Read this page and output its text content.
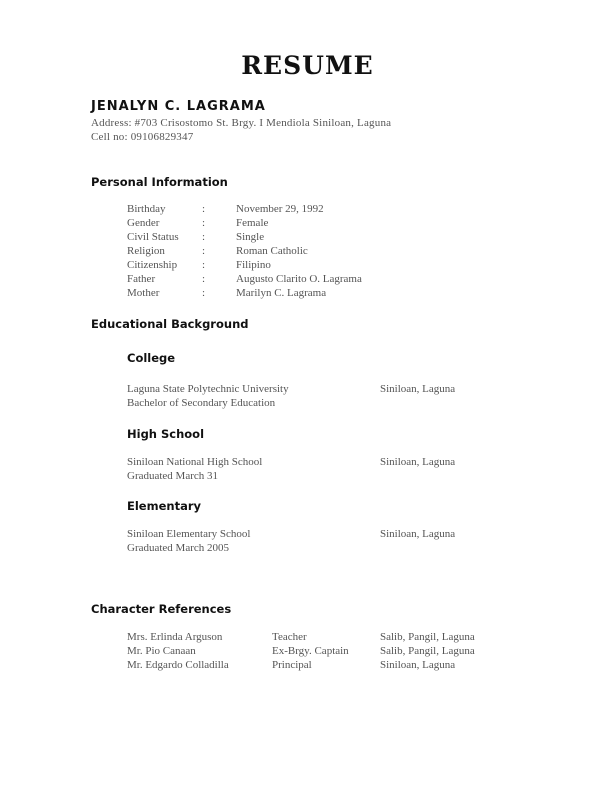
RESUME
JENALYN C. LAGRAMA
Address: #703 Crisostomo St. Brgy. I Mendiola Siniloan, Laguna
Cell no: 09106829347
Personal Information
Birthday	:	November 29, 1992
Gender	:	Female
Civil Status :	Single
Religion	:	Roman Catholic
Citizenship :	Filipino
Father	:	Augusto Clarito O. Lagrama
Mother	:	Marilyn C. Lagrama
Educational Background
College
Laguna State Polytechnic University	Siniloan, Laguna
Bachelor of Secondary Education
High School
Siniloan National High School	Siniloan, Laguna
Graduated March 31
Elementary
Siniloan Elementary School	Siniloan, Laguna
Graduated March 2005
Character References
Mrs. Erlinda Arguson	Teacher	Salib, Pangil, Laguna
Mr. Pio Canaan	Ex-Brgy. Captain	Salib, Pangil, Laguna
Mr. Edgardo Colladilla	Principal	Siniloan, Laguna
